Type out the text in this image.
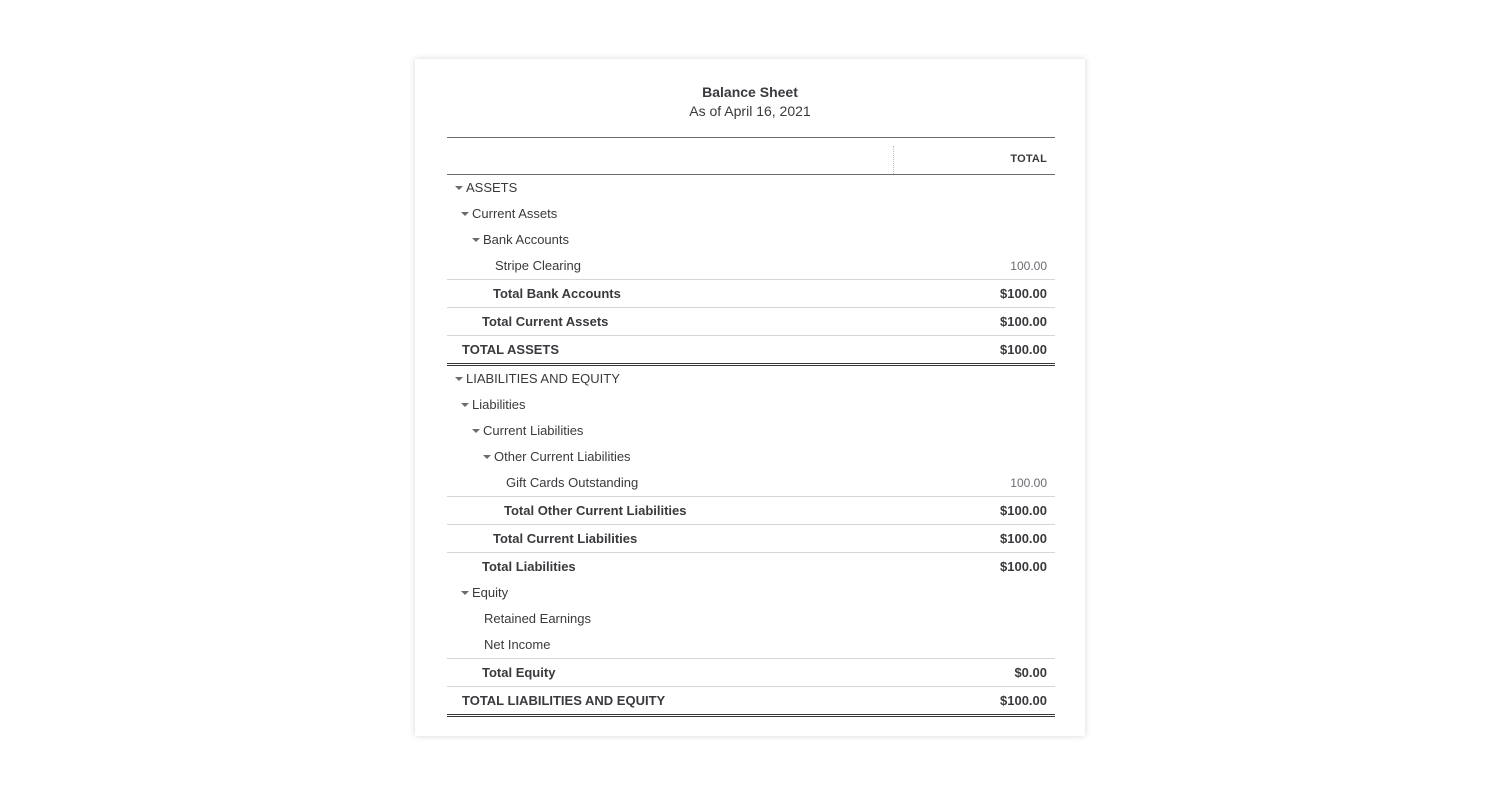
Balance Sheet
As of April 16, 2021
TOTAL
ASSETS
Current Assets
Bank Accounts
Stripe Clearing	100.00
Total Bank Accounts	$100.00
Total Current Assets	$100.00
TOTAL ASSETS	$100.00
LIABILITIES AND EQUITY
Liabilities
Current Liabilities
Other Current Liabilities
Gift Cards Outstanding	100.00
Total Other Current Liabilities	$100.00
Total Current Liabilities	$100.00
Total Liabilities	$100.00
Equity
Retained Earnings
Net Income
Total Equity	$0.00
TOTAL LIABILITIES AND EQUITY	$100.00
